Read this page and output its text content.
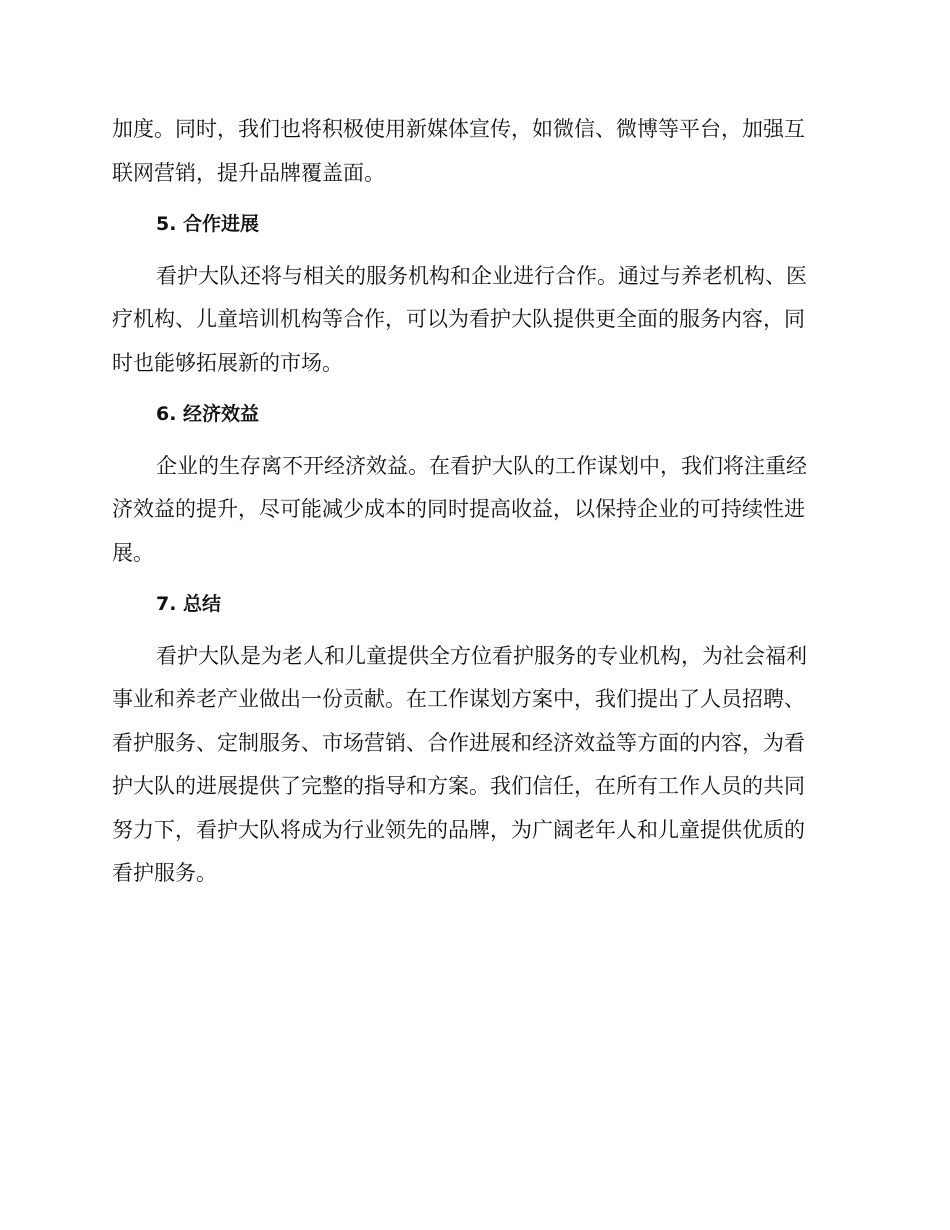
加度。同时，我们也将积极使用新媒体宣传，如微信、微博等平台，加强互
联网营销，提升品牌覆盖面。

5. 合作进展

看护大队还将与相关的服务机构和企业进行合作。通过与养老机构、医
疗机构、儿童培训机构等合作，可以为看护大队提供更全面的服务内容，同
时也能够拓展新的市场。

6. 经济效益

企业的生存离不开经济效益。在看护大队的工作谋划中，我们将注重经
济效益的提升，尽可能减少成本的同时提高收益，以保持企业的可持续性进
展。

7. 总结

看护大队是为老人和儿童提供全方位看护服务的专业机构，为社会福利
事业和养老产业做出一份贡献。在工作谋划方案中，我们提出了人员招聘、
看护服务、定制服务、市场营销、合作进展和经济效益等方面的内容，为看
护大队的进展提供了完整的指导和方案。我们信任，在所有工作人员的共同
努力下，看护大队将成为行业领先的品牌，为广阔老年人和儿童提供优质的
看护服务。
